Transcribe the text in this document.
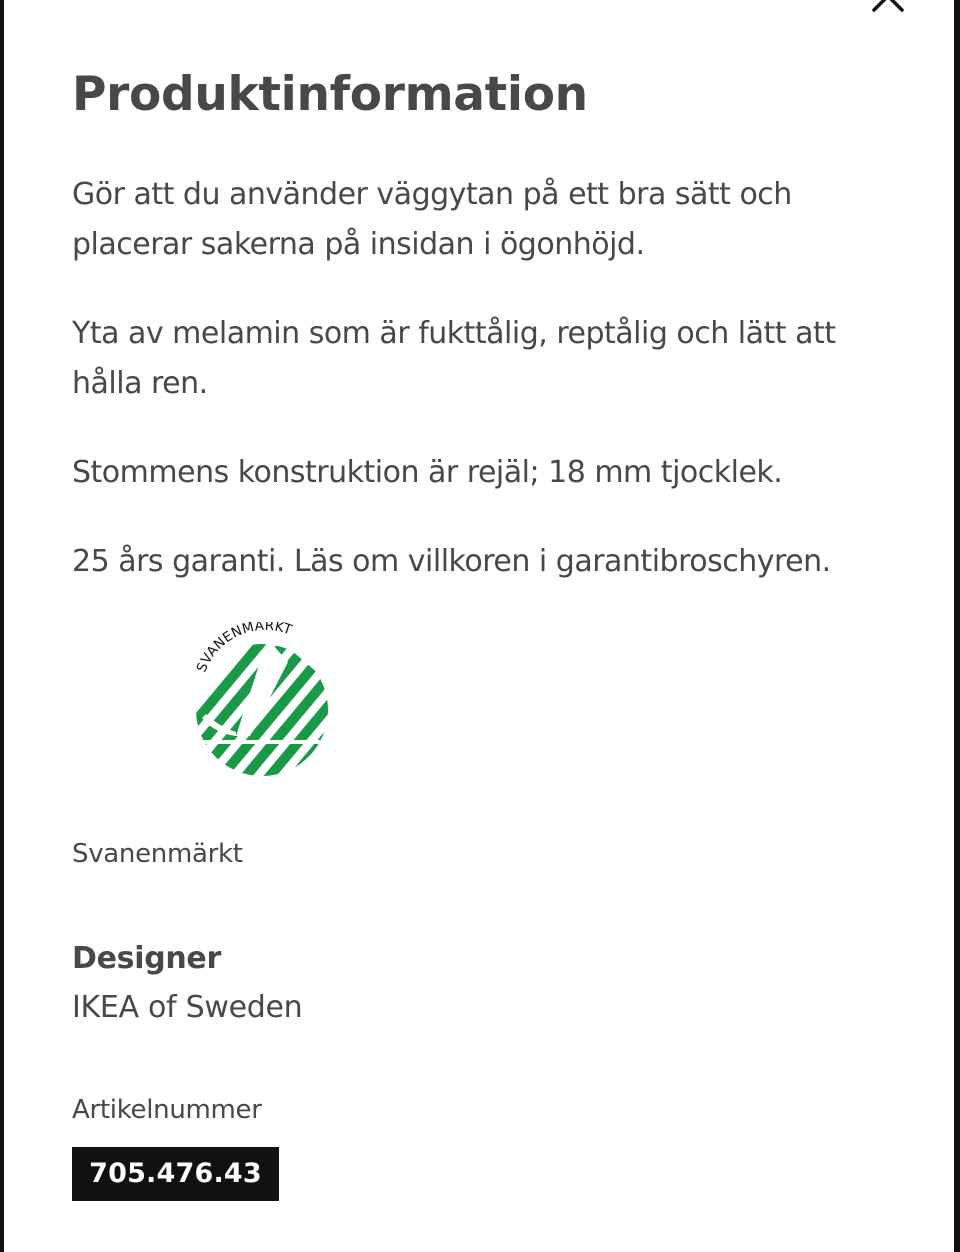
Produktinformation

Gör att du använder väggytan på ett bra sätt och placerar sakerna på insidan i ögonhöjd.

Yta av melamin som är fukttålig, reptålig och lätt att hålla ren.

Stommens konstruktion är rejäl; 18 mm tjocklek.

25 års garanti. Läs om villkoren i garantibroschyren.

SVANENMÄRKT

Svanenmärkt

Designer

IKEA of Sweden

Artikelnummer

705.476.43
